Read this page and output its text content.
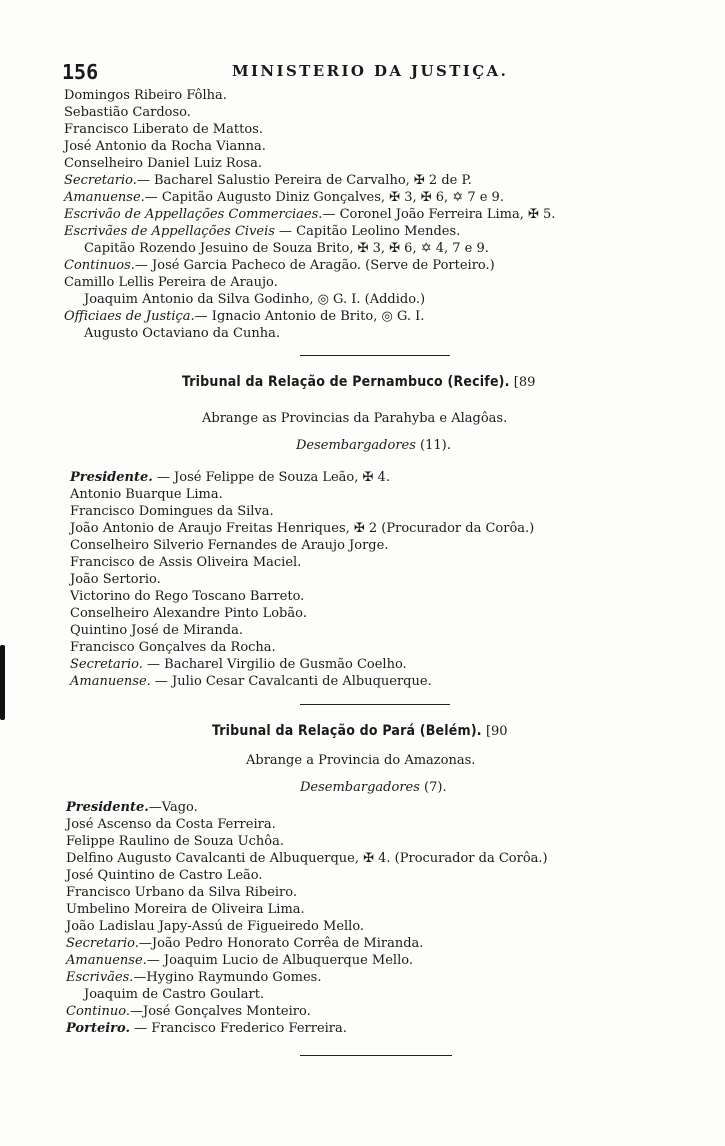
156	MINISTERIO DA JUSTIÇA.
Domingos Ribeiro Fôlha.
Sebastião Cardoso.
Francisco Liberato de Mattos.
José Antonio da Rocha Vianna.
Conselheiro Daniel Luiz Rosa.
Secretario.— Bacharel Salustio Pereira de Carvalho, ✠ 2 de P.
Amanuense.— Capitão Augusto Diniz Gonçalves, ✠ 3, ✠ 6, ✡ 7 e 9.
Escrivão de Appellações Commerciaes.— Coronel João Ferreira Lima, ✠ 5.
Escrivães de Appellações Civeis — Capitão Leolino Mendes.
Capitão Rozendo Jesuino de Souza Brito, ✠ 3, ✠ 6, ✡ 4, 7 e 9.
Continuos.— José Garcia Pacheco de Aragão. (Serve de Porteiro.)
Camillo Lellis Pereira de Araujo.
Joaquim Antonio da Silva Godinho, ◎ G. I. (Addido.)
Officiaes de Justiça.— Ignacio Antonio de Brito, ◎ G. I.
Augusto Octaviano da Cunha.
Tribunal da Relação de Pernambuco (Recife). [89
Abrange as Provincias da Parahyba e Alagôas.
Desembargadores (11).
Presidente. — José Felippe de Souza Leão, ✠ 4.
Antonio Buarque Lima.
Francisco Domingues da Silva.
João Antonio de Araujo Freitas Henriques, ✠ 2 (Procurador da Corôa.)
Conselheiro Silverio Fernandes de Araujo Jorge.
Francisco de Assis Oliveira Maciel.
João Sertorio.
Victorino do Rego Toscano Barreto.
Conselheiro Alexandre Pinto Lobão.
Quintino José de Miranda.
Francisco Gonçalves da Rocha.
Secretario. — Bacharel Virgilio de Gusmão Coelho.
Amanuense. — Julio Cesar Cavalcanti de Albuquerque.
Tribunal da Relação do Pará (Belém). [90
Abrange a Provincia do Amazonas.
Desembargadores (7).
Presidente.—Vago.
José Ascenso da Costa Ferreira.
Felippe Raulino de Souza Uchôa.
Delfino Augusto Cavalcanti de Albuquerque, ✠ 4. (Procurador da Corôa.)
José Quintino de Castro Leão.
Francisco Urbano da Silva Ribeiro.
Umbelino Moreira de Oliveira Lima.
João Ladislau Japy-Assú de Figueiredo Mello.
Secretario.—João Pedro Honorato Corrêa de Miranda.
Amanuense.— Joaquim Lucio de Albuquerque Mello.
Escrivães.—Hygino Raymundo Gomes.
Joaquim de Castro Goulart.
Continuo.—José Gonçalves Monteiro.
Porteiro. — Francisco Frederico Ferreira.
